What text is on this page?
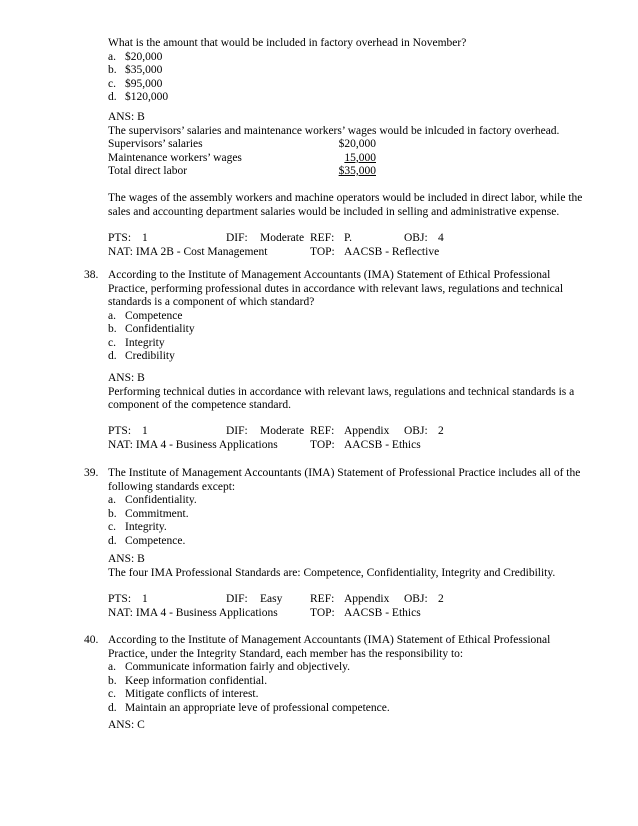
What is the amount that would be included in factory overhead in November?
a. $20,000
b. $35,000
c. $95,000
d. $120,000
ANS: B
The supervisors’ salaries and maintenance workers’ wages would be inlcuded in factory overhead.
Supervisors’ salaries	$20,000
Maintenance workers’ wages	15,000
Total direct labor	$35,000
The wages of the assembly workers and machine operators would be included in direct labor, while the
sales and accounting department salaries would be included in selling and administrative expense.
PTS: 1	DIF:	Moderate REF: P.	OBJ: 4
NAT: IMA 2B - Cost Management	TOP: AACSB - Reflective
38. According to the Institute of Management Accountants (IMA) Statement of Ethical Professional
Practice, performing professional dutes in accordance with relevant laws, regulations and technical
standards is a component of which standard?
a. Competence
b. Confidentiality
c. Integrity
d. Credibility
ANS: B
Performing technical duties in accordance with relevant laws, regulations and technical standards is a
component of the competence standard.
PTS: 1	DIF:	Moderate REF: Appendix OBJ: 2
NAT: IMA 4 - Business Applications	TOP: AACSB - Ethics
39. The Institute of Management Accountants (IMA) Statement of Professional Practice includes all of the
following standards except:
a. Confidentiality.
b. Commitment.
c. Integrity.
d. Competence.
ANS: B
The four IMA Professional Standards are: Competence, Confidentiality, Integrity and Credibility.
PTS: 1	DIF:	Easy REF: Appendix OBJ: 2
NAT: IMA 4 - Business Applications	TOP: AACSB - Ethics
40. According to the Institute of Management Accountants (IMA) Statement of Ethical Professional
Practice, under the Integrity Standard, each member has the responsibility to:
a. Communicate information fairly and objectively.
b. Keep information confidential.
c. Mitigate conflicts of interest.
d. Maintain an appropriate leve of professional competence.
ANS: C
